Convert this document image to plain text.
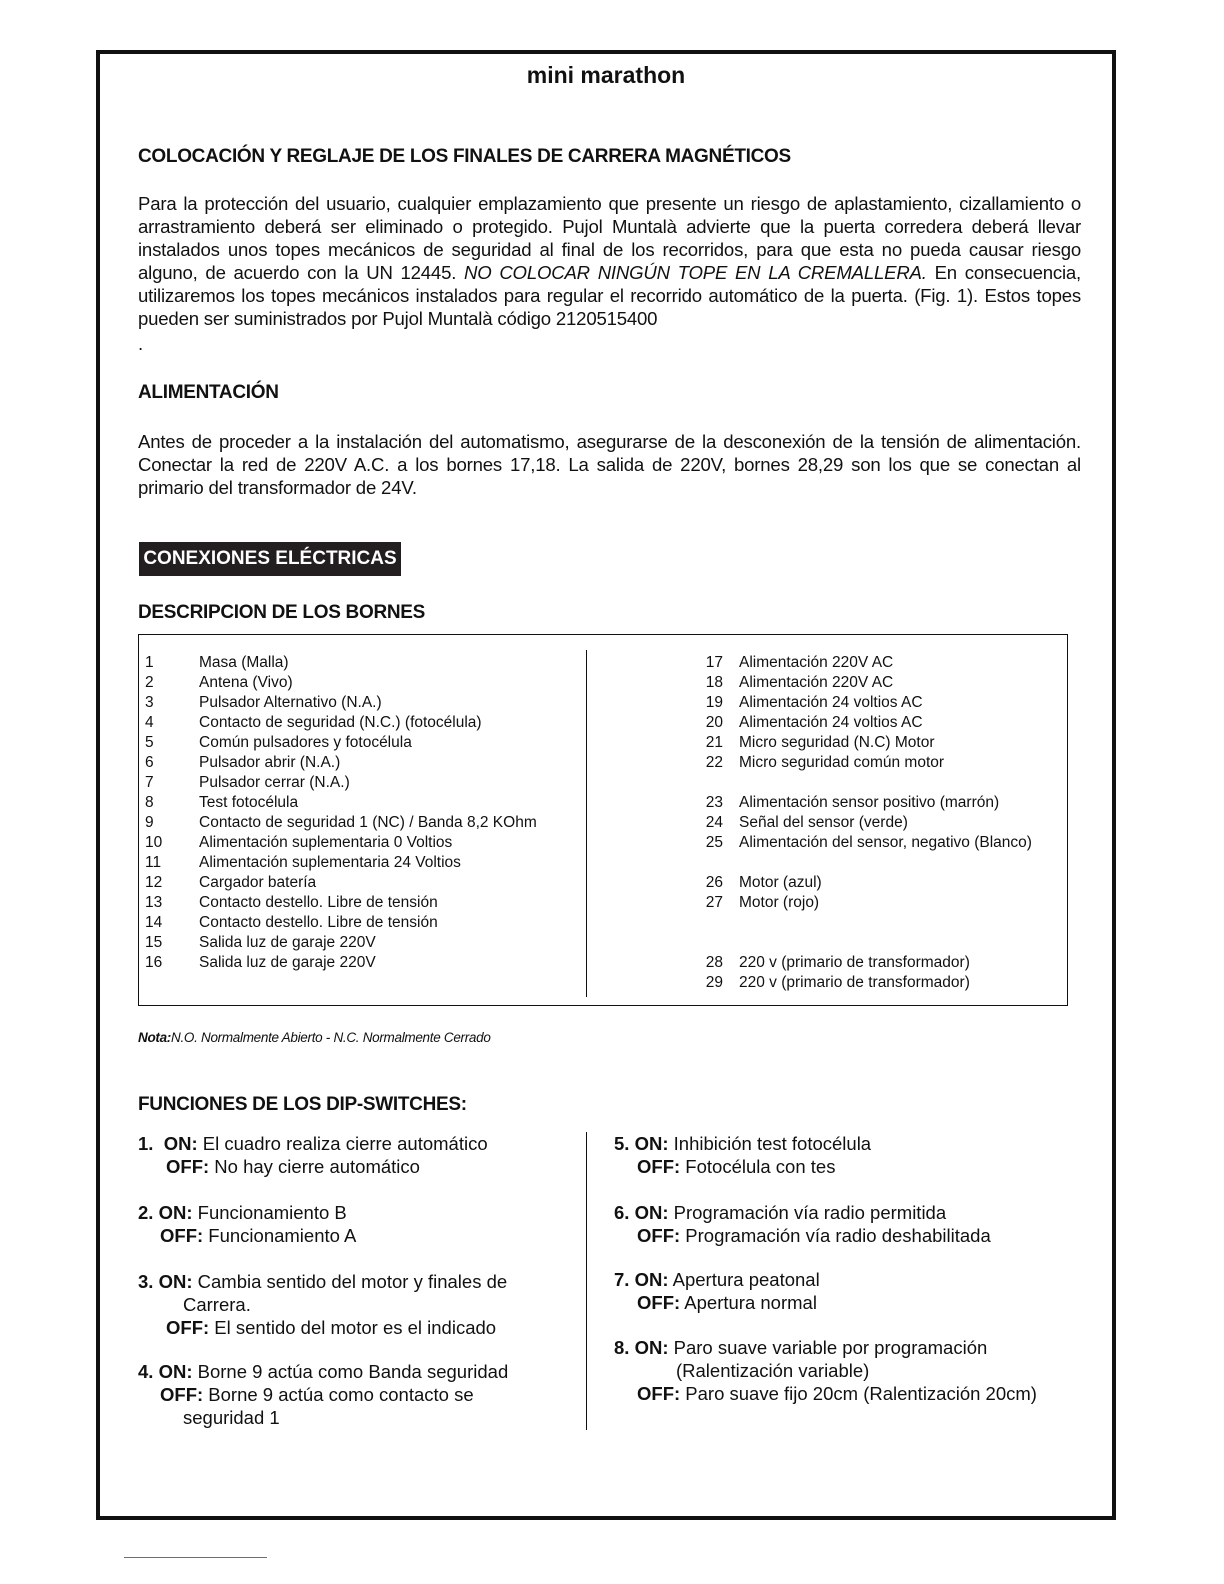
mini marathon
COLOCACIÓN Y REGLAJE DE LOS FINALES DE CARRERA MAGNÉTICOS
Para la protección del usuario, cualquier emplazamiento que presente un riesgo de aplastamiento, cizallamiento o arrastramiento deberá ser eliminado o protegido. Pujol Muntalà advierte que la puerta corredera deberá llevar instalados unos topes mecánicos de seguridad al final de los recorridos, para que esta no pueda causar riesgo alguno, de acuerdo con la UN 12445. NO COLOCAR NINGÚN TOPE EN LA CREMALLERA. En consecuencia, utilizaremos los topes mecánicos instalados para regular el recorrido automático de la puerta. (Fig. 1). Estos topes pueden ser suministrados por Pujol Muntalà código 2120515400
.
ALIMENTACIÓN
Antes de proceder a la instalación del automatismo, asegurarse de la desconexión de la tensión de alimentación. Conectar la red de 220V A.C. a los bornes 17,18. La salida de 220V, bornes 28,29 son los que se conectan al primario del transformador de 24V.
CONEXIONES ELÉCTRICAS
DESCRIPCION DE LOS BORNES
1	Masa (Malla)
2	Antena (Vivo)
3	Pulsador Alternativo (N.A.)
4	Contacto de seguridad (N.C.) (fotocélula)
5	Común pulsadores y fotocélula
6	Pulsador abrir (N.A.)
7	Pulsador cerrar (N.A.)
8	Test fotocélula
9	Contacto de seguridad 1 (NC) / Banda 8,2 KOhm
10	Alimentación suplementaria 0 Voltios
11	Alimentación suplementaria 24 Voltios
12	Cargador batería
13	Contacto destello. Libre de tensión
14	Contacto destello. Libre de tensión
15	Salida luz de garaje 220V
16	Salida luz de garaje 220V
17 Alimentación 220V AC
18 Alimentación 220V AC
19 Alimentación 24 voltios AC
20 Alimentación 24 voltios AC
21 Micro seguridad (N.C) Motor
22 Micro seguridad común motor
23 Alimentación sensor positivo (marrón)
24 Señal del sensor (verde)
25 Alimentación del sensor, negativo (Blanco)
26 Motor (azul)
27 Motor (rojo)
28 220 v (primario de transformador)
29 220 v (primario de transformador)
Nota:N.O. Normalmente Abierto - N.C. Normalmente Cerrado
FUNCIONES DE LOS DIP-SWITCHES:
1. ON: El cuadro realiza cierre automático
OFF: No hay cierre automático
2. ON: Funcionamiento B
OFF: Funcionamiento A
3. ON: Cambia sentido del motor y finales de
Carrera.
OFF: El sentido del motor es el indicado
4. ON: Borne 9 actúa como Banda seguridad
OFF: Borne 9 actúa como contacto se
seguridad 1
5. ON: Inhibición test fotocélula
OFF: Fotocélula con tes
6. ON: Programación vía radio permitida
OFF: Programación vía radio deshabilitada
7. ON: Apertura peatonal
OFF: Apertura normal
8. ON: Paro suave variable por programación
(Ralentización variable)
OFF: Paro suave fijo 20cm (Ralentización 20cm)
